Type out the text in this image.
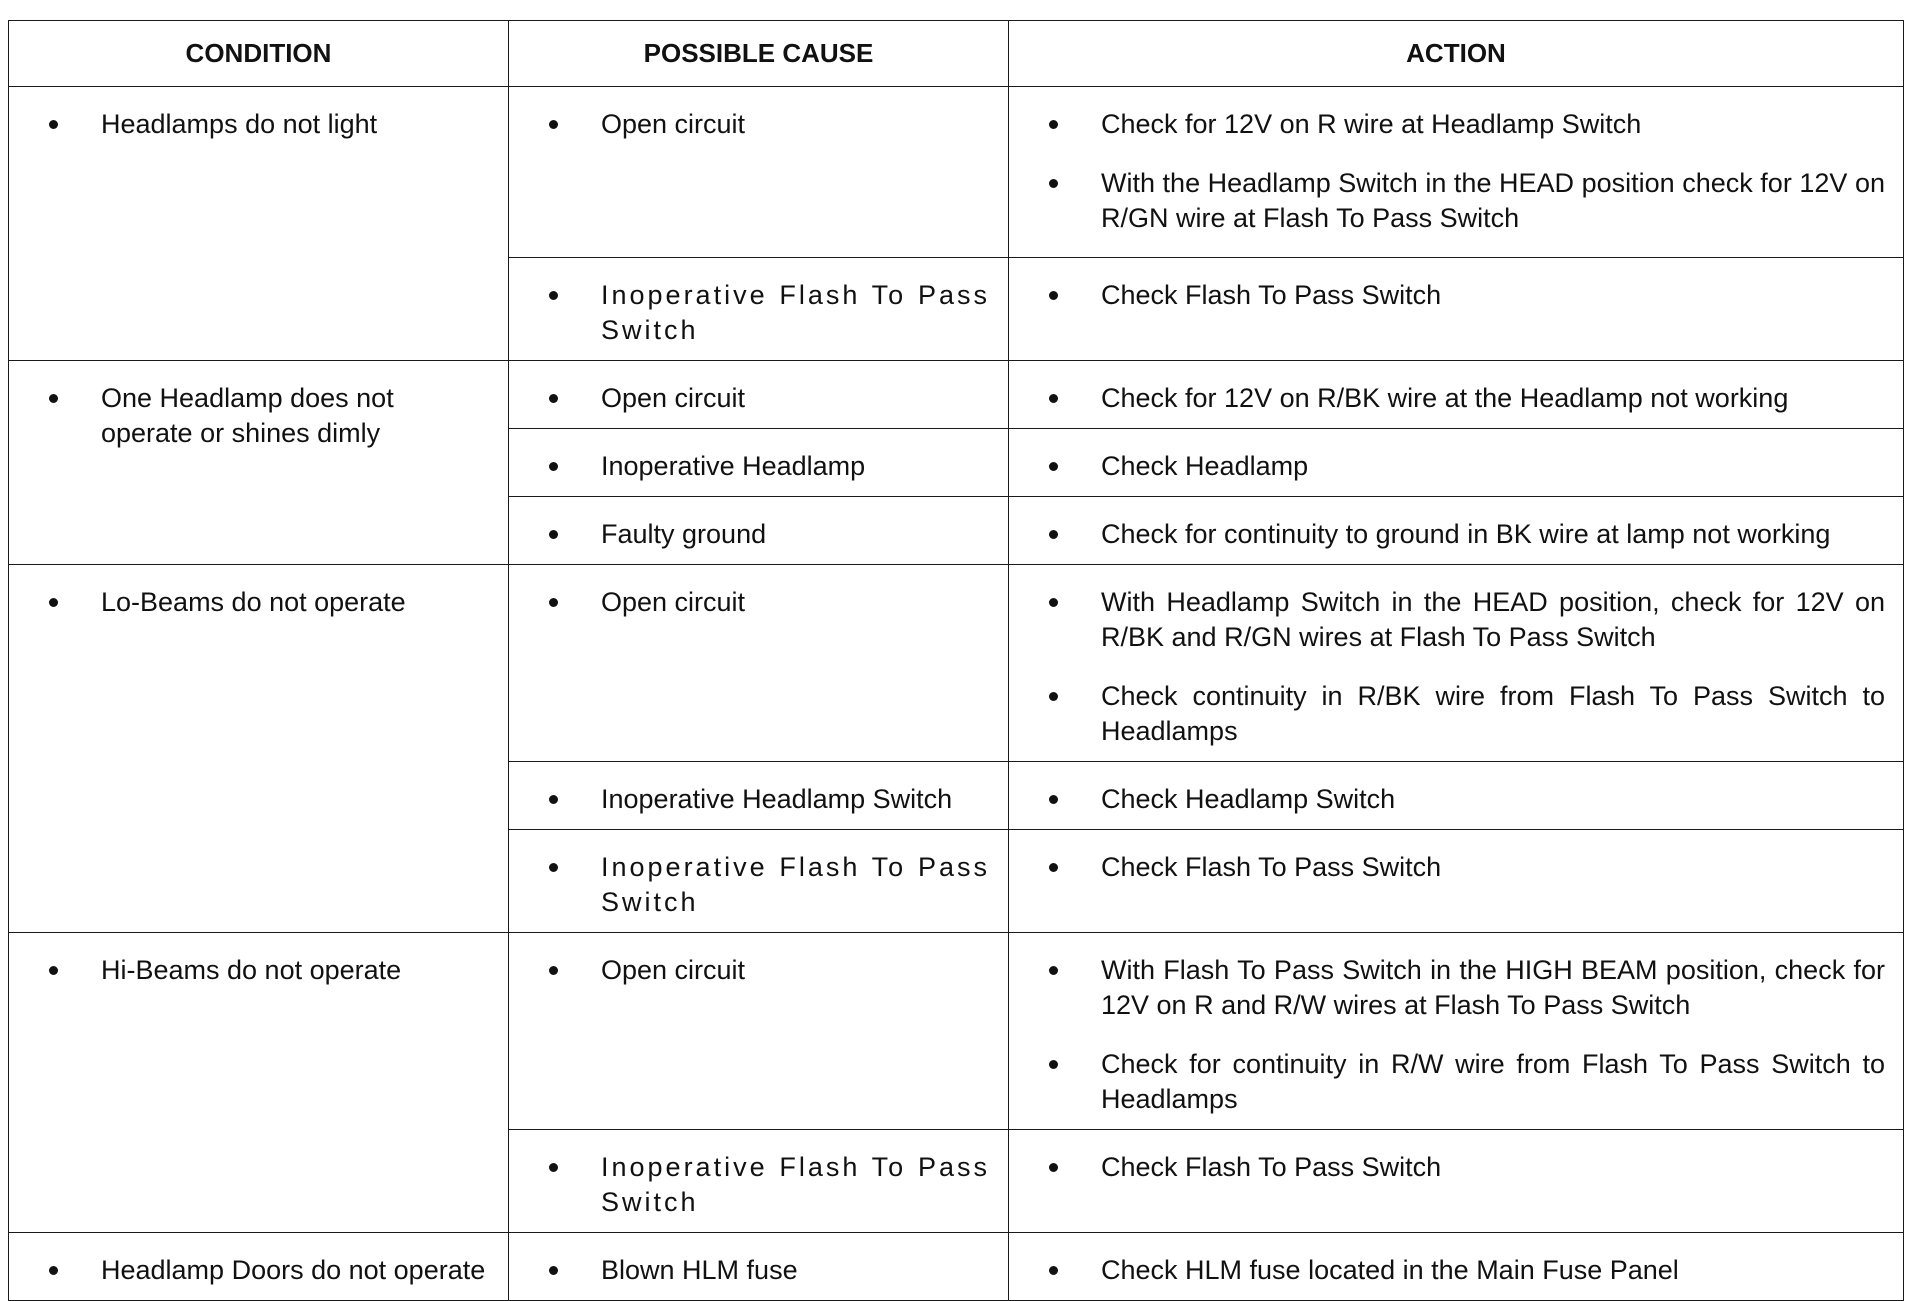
CONDITION	POSSIBLE CAUSE	ACTION

Headlamps do not light	Open circuit	Check for 12V on R wire at Headlamp Switch
With the Headlamp Switch in the HEAD position check for 12V on R/GN wire at Flash To Pass Switch

Inoperative Flash To Pass Switch	Check Flash To Pass Switch

One Headlamp does not operate or shines dimly	Open circuit	Check for 12V on R/BK wire at the Headlamp not working

Inoperative Headlamp	Check Headlamp

Faulty ground	Check for continuity to ground in BK wire at lamp not working

Lo-Beams do not operate	Open circuit	With Headlamp Switch in the HEAD position, check for 12V on R/BK and R/GN wires at Flash To Pass Switch
Check continuity in R/BK wire from Flash To Pass Switch to Headlamps

Inoperative Headlamp Switch	Check Headlamp Switch

Inoperative Flash To Pass Switch	Check Flash To Pass Switch

Hi-Beams do not operate	Open circuit	With Flash To Pass Switch in the HIGH BEAM position, check for 12V on R and R/W wires at Flash To Pass Switch
Check for continuity in R/W wire from Flash To Pass Switch to Headlamps

Inoperative Flash To Pass Switch	Check Flash To Pass Switch

Headlamp Doors do not operate	Blown HLM fuse	Check HLM fuse located in the Main Fuse Panel
